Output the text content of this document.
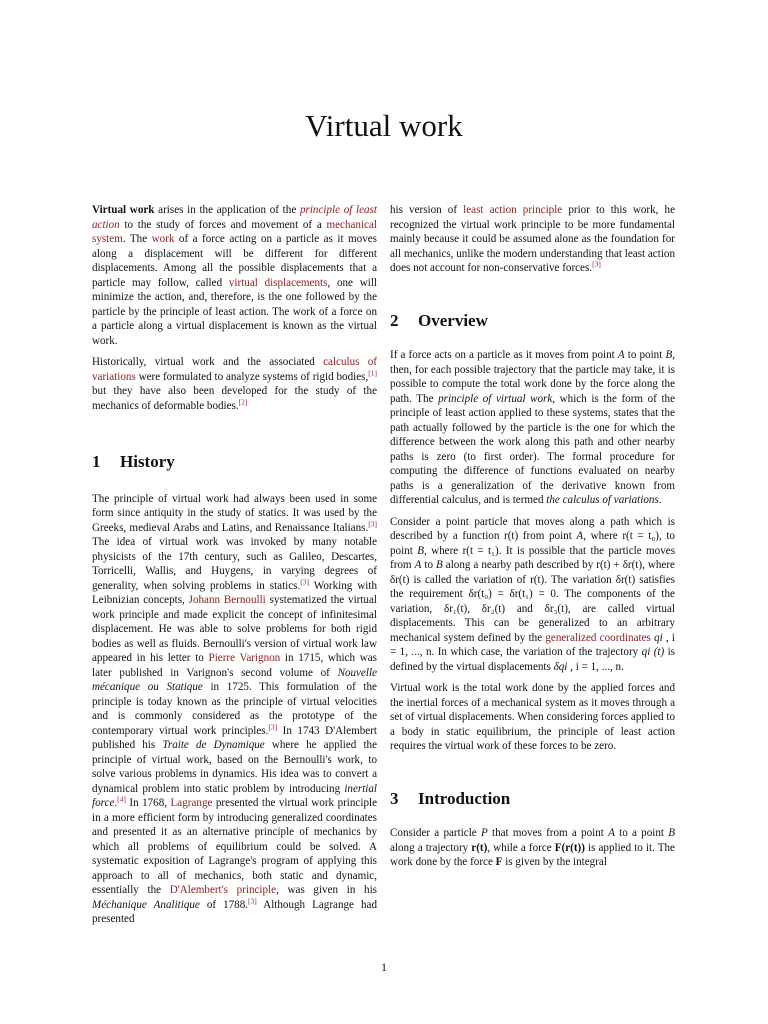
Virtual work

Virtual work arises in the application of the principle of least action to the study of forces and movement of a mechanical system. The work of a force acting on a particle as it moves along a displacement will be different for different displacements. Among all the possible displacements that a particle may follow, called virtual displacements, one will minimize the action, and, therefore, is the one followed by the particle by the principle of least action. The work of a force on a particle along a virtual displacement is known as the virtual work.

Historically, virtual work and the associated calculus of variations were formulated to analyze systems of rigid bodies,[1] but they have also been developed for the study of the mechanics of deformable bodies.[2]

1 History

The principle of virtual work had always been used in some form since antiquity in the study of statics. It was used by the Greeks, medieval Arabs and Latins, and Renaissance Italians.[3] The idea of virtual work was invoked by many notable physicists of the 17th century, such as Galileo, Descartes, Torricelli, Wallis, and Huygens, in varying degrees of generality, when solving problems in statics.[3] Working with Leibnizian concepts, Johann Bernoulli systematized the virtual work principle and made explicit the concept of infinitesimal displacement. He was able to solve problems for both rigid bodies as well as fluids. Bernoulli's version of virtual work law appeared in his letter to Pierre Varignon in 1715, which was later published in Varignon's second volume of Nouvelle mécanique ou Statique in 1725. This formulation of the principle is today known as the principle of virtual velocities and is commonly considered as the prototype of the contemporary virtual work principles.[3] In 1743 D'Alembert published his Traite de Dynamique where he applied the principle of virtual work, based on the Bernoulli's work, to solve various problems in dynamics. His idea was to convert a dynamical problem into static problem by introducing inertial force.[4] In 1768, Lagrange presented the virtual work principle in a more efficient form by introducing generalized coordinates and presented it as an alternative principle of mechanics by which all problems of equilibrium could be solved. A systematic exposition of Lagrange's program of applying this approach to all of mechanics, both static and dynamic, essentially the D'Alembert's principle, was given in his Méchanique Analitique of 1788.[3] Although Lagrange had presented

his version of least action principle prior to this work, he recognized the virtual work principle to be more fundamental mainly because it could be assumed alone as the foundation for all mechanics, unlike the modern understanding that least action does not account for non-conservative forces.[3]

2 Overview

If a force acts on a particle as it moves from point A to point B, then, for each possible trajectory that the particle may take, it is possible to compute the total work done by the force along the path. The principle of virtual work, which is the form of the principle of least action applied to these systems, states that the path actually followed by the particle is the one for which the difference between the work along this path and other nearby paths is zero (to first order). The formal procedure for computing the difference of functions evaluated on nearby paths is a generalization of the derivative known from differential calculus, and is termed the calculus of variations.

Consider a point particle that moves along a path which is described by a function r(t) from point A, where r(t = t₀), to point B, where r(t = t₁). It is possible that the particle moves from A to B along a nearby path described by r(t) + δr(t), where δr(t) is called the variation of r(t). The variation δr(t) satisfies the requirement δr(t₀) = δr(t₁) = 0. The components of the variation, δr₁(t), δr₂(t) and δr₃(t), are called virtual displacements. This can be generalized to an arbitrary mechanical system defined by the generalized coordinates qi , i = 1, ..., n. In which case, the variation of the trajectory qi (t) is defined by the virtual displacements δqi , i = 1, ..., n.

Virtual work is the total work done by the applied forces and the inertial forces of a mechanical system as it moves through a set of virtual displacements. When considering forces applied to a body in static equilibrium, the principle of least action requires the virtual work of these forces to be zero.

3 Introduction

Consider a particle P that moves from a point A to a point B along a trajectory r(t), while a force F(r(t)) is applied to it. The work done by the force F is given by the integral

1
